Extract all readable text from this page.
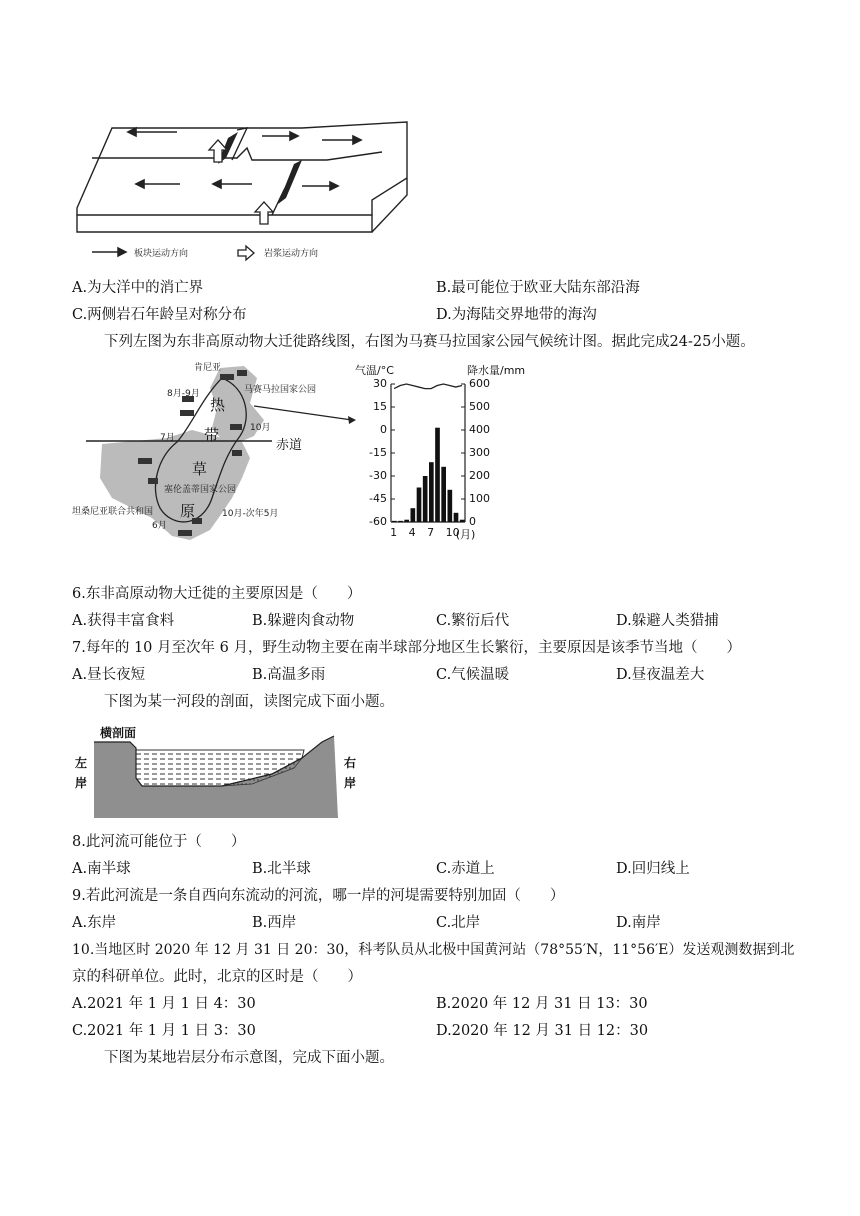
板块运动方向	岩浆运动方向
A.为大洋中的消亡界	B.最可能位于欧亚大陆东部沿海
C.两侧岩石年龄呈对称分布	D.为海陆交界地带的海沟
下列左图为东非高原动物大迁徙路线图，右图为马赛马拉国家公园气候统计图。据此完成24-25小题。
肯尼亚
8月-9月	马赛马拉国家公园
10月
7月	赤道
热
带
草
塞伦盖蒂国家公园
原
坦桑尼亚联合共和国
6月
10月-次年5月
气温/°C	降水量/mm
30
15
0
-15
-30
-45
-60
600
500
400
300
200
100
0
1 4 7 10
(月)
6.东非高原动物大迁徙的主要原因是（　　）
A.获得丰富食料	B.躲避肉食动物	C.繁衍后代	D.躲避人类猎捕
7.每年的 10 月至次年 6 月，野生动物主要在南半球部分地区生长繁衍，主要原因是该季节当地（　　）
A.昼长夜短	B.高温多雨	C.气候温暖	D.昼夜温差大
下图为某一河段的剖面，读图完成下面小题。
横剖面
左
岸
右
岸
8.此河流可能位于（　　）
A.南半球	B.北半球	C.赤道上	D.回归线上
9.若此河流是一条自西向东流动的河流，哪一岸的河堤需要特别加固（　　）
A.东岸	B.西岸	C.北岸	D.南岸
10.当地区时 2020 年 12 月 31 日 20：30，科考队员从北极中国黄河站（78°55′N，11°56′E）发送观测数据到北
京的科研单位。此时，北京的区时是（　　）
A.2021 年 1 月 1 日 4：30	B.2020 年 12 月 31 日 13：30
C.2021 年 1 月 1 日 3：30	D.2020 年 12 月 31 日 12：30
下图为某地岩层分布示意图，完成下面小题。
